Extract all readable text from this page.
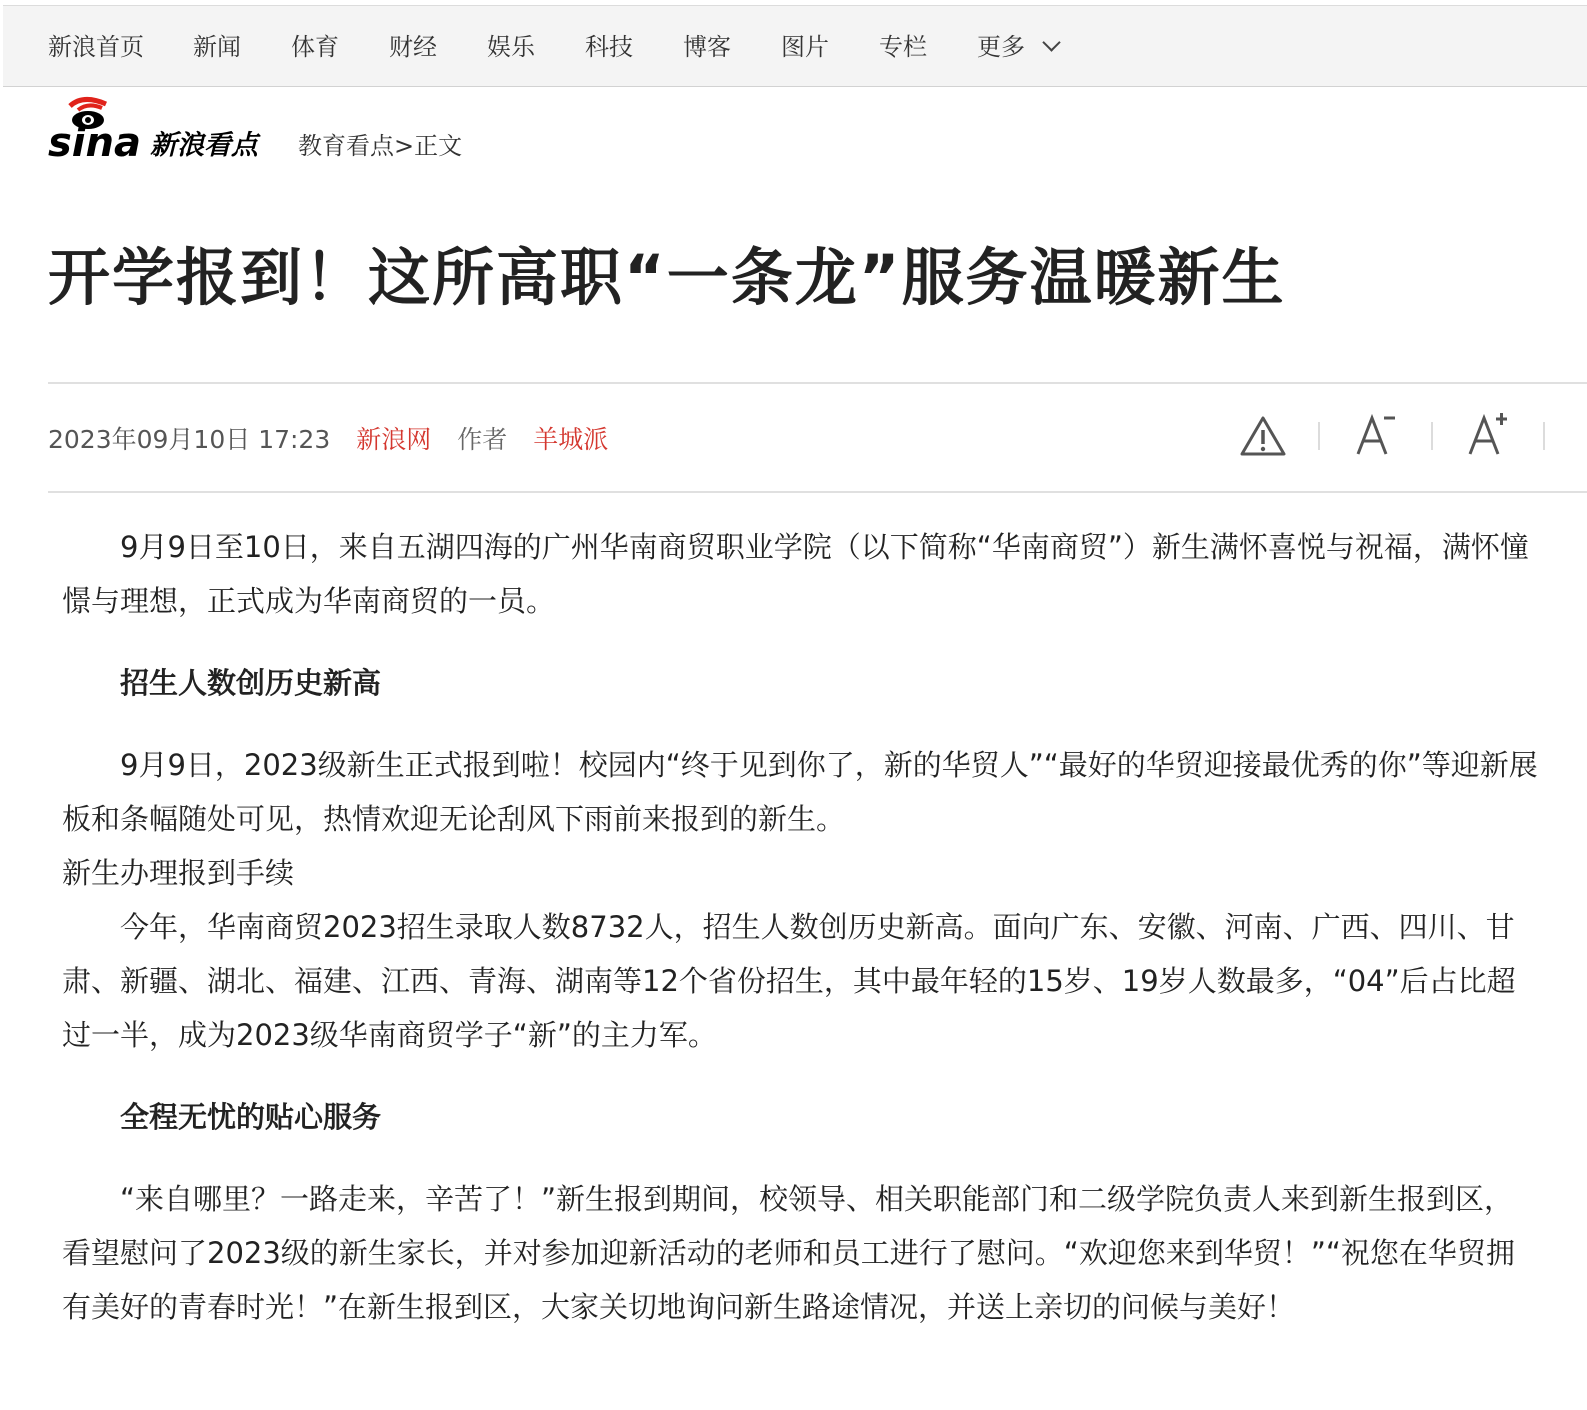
新浪首页 新闻 体育 财经 娱乐 科技 博客 图片 专栏 更多
sina 新浪看点 教育看点>正文
开学报到！这所高职“一条龙”服务温暖新生
2023年09月10日 17:23 新浪网 作者 羊城派

9月9日至10日，来自五湖四海的广州华南商贸职业学院（以下简称“华南商贸”）新生满怀喜悦与祝福，满怀憧憬与理想，正式成为华南商贸的一员。

招生人数创历史新高

9月9日，2023级新生正式报到啦！校园内“终于见到你了，新的华贸人”“最好的华贸迎接最优秀的你”等迎新展板和条幅随处可见，热情欢迎无论刮风下雨前来报到的新生。

新生办理报到手续

今年，华南商贸2023招生录取人数8732人，招生人数创历史新高。面向广东、安徽、河南、广西、四川、甘肃、新疆、湖北、福建、江西、青海、湖南等12个省份招生，其中最年轻的15岁、19岁人数最多，“04”后占比超过一半，成为2023级华南商贸学子“新”的主力军。

全程无忧的贴心服务

“来自哪里？一路走来，辛苦了！”新生报到期间，校领导、相关职能部门和二级学院负责人来到新生报到区，看望慰问了2023级的新生家长，并对参加迎新活动的老师和员工进行了慰问。“欢迎您来到华贸！”“祝您在华贸拥有美好的青春时光！”在新生报到区，大家关切地询问新生路途情况，并送上亲切的问候与美好！
